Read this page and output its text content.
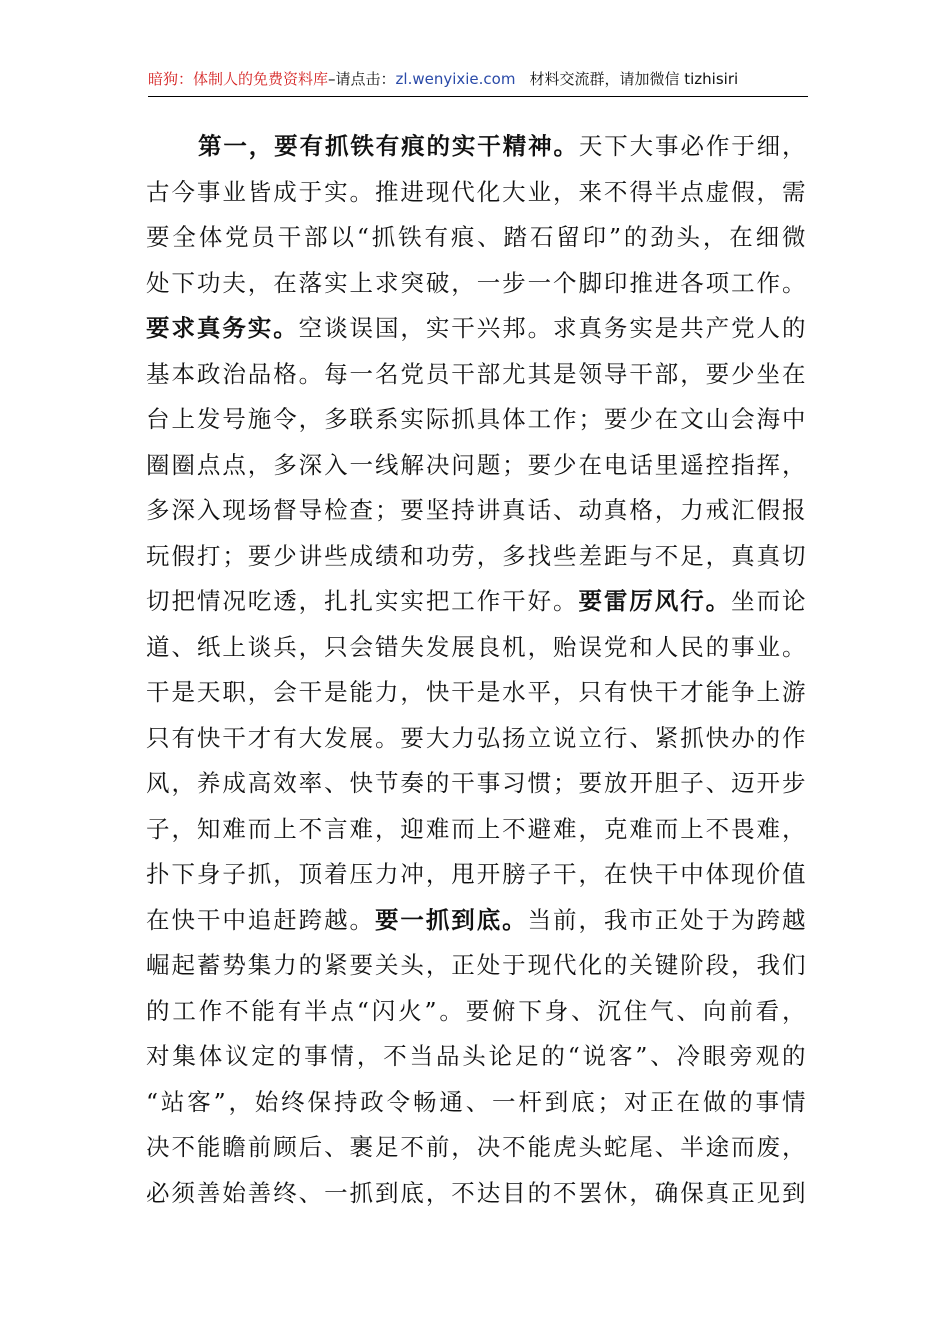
暗狗：体制人的免费资料库–请点击：zl.wenyixie.com 材料交流群，请加微信 tizhisiri
第一，要有抓铁有痕的实干精神。天下大事必作于细，
古今事业皆成于实。推进现代化大业，来不得半点虚假，需
要全体党员干部以“抓铁有痕、踏石留印”的劲头，在细微
处下功夫，在落实上求突破，一步一个脚印推进各项工作。
要求真务实。空谈误国，实干兴邦。求真务实是共产党人的
基本政治品格。每一名党员干部尤其是领导干部，要少坐在
台上发号施令，多联系实际抓具体工作；要少在文山会海中
圈圈点点，多深入一线解决问题；要少在电话里遥控指挥，
多深入现场督导检查；要坚持讲真话、动真格，力戒汇假报
玩假打；要少讲些成绩和功劳，多找些差距与不足，真真切
切把情况吃透，扎扎实实把工作干好。要雷厉风行。坐而论
道、纸上谈兵，只会错失发展良机，贻误党和人民的事业。
干是天职，会干是能力，快干是水平，只有快干才能争上游
只有快干才有大发展。要大力弘扬立说立行、紧抓快办的作
风，养成高效率、快节奏的干事习惯；要放开胆子、迈开步
子，知难而上不言难，迎难而上不避难，克难而上不畏难，
扑下身子抓，顶着压力冲，甩开膀子干，在快干中体现价值
在快干中追赶跨越。要一抓到底。当前，我市正处于为跨越
崛起蓄势集力的紧要关头，正处于现代化的关键阶段，我们
的工作不能有半点“闪火”。要俯下身、沉住气、向前看，
对集体议定的事情，不当品头论足的“说客”、冷眼旁观的
“站客”，始终保持政令畅通、一杆到底；对正在做的事情
决不能瞻前顾后、裹足不前，决不能虎头蛇尾、半途而废，
必须善始善终、一抓到底，不达目的不罢休，确保真正见到
